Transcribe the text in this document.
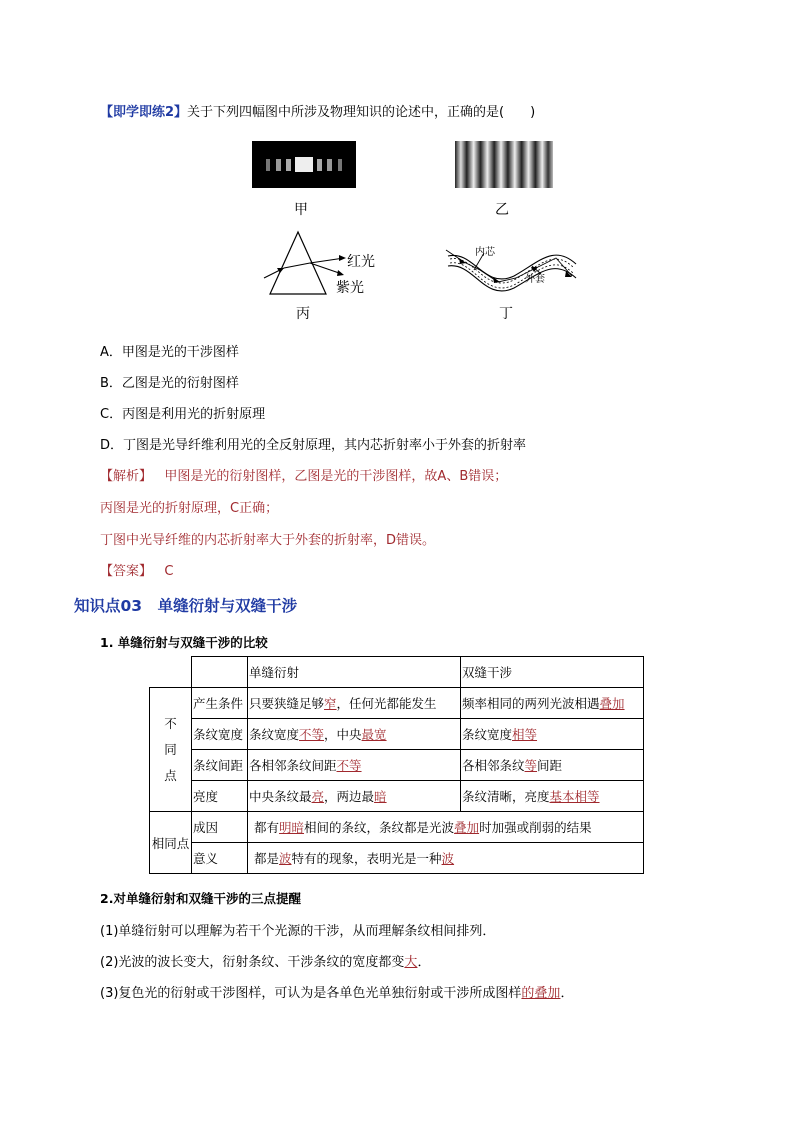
【即学即练2】关于下列四幅图中所涉及物理知识的论述中，正确的是(　　)
甲	乙
红光
紫光
丙
内芯
外套
丁
A．甲图是光的干涉图样
B．乙图是光的衍射图样
C．丙图是利用光的折射原理
D．丁图是光导纤维利用光的全反射原理，其内芯折射率小于外套的折射率
【解析】 甲图是光的衍射图样，乙图是光的干涉图样，故A、B错误；
丙图是光的折射原理，C正确；
丁图中光导纤维的内芯折射率大于外套的折射率，D错误。
【答案】 C
知识点03　单缝衍射与双缝干涉
1. 单缝衍射与双缝干涉的比较
		单缝衍射	双缝干涉
不
同
点	产生条件	只要狭缝足够窄，任何光都能发生	频率相同的两列光波相遇叠加
	条纹宽度	条纹宽度不等，中央最宽	条纹宽度相等
	条纹间距	各相邻条纹间距不等	各相邻条纹等间距
	亮度	中央条纹最亮，两边最暗	条纹清晰，亮度基本相等
相同点	成因	都有明暗相间的条纹，条纹都是光波叠加时加强或削弱的结果	
	意义	都是波特有的现象，表明光是一种波	
2.对单缝衍射和双缝干涉的三点提醒
(1)单缝衍射可以理解为若干个光源的干涉，从而理解条纹相间排列．
(2)光波的波长变大，衍射条纹、干涉条纹的宽度都变大．
(3)复色光的衍射或干涉图样，可认为是各单色光单独衍射或干涉所成图样的叠加．
